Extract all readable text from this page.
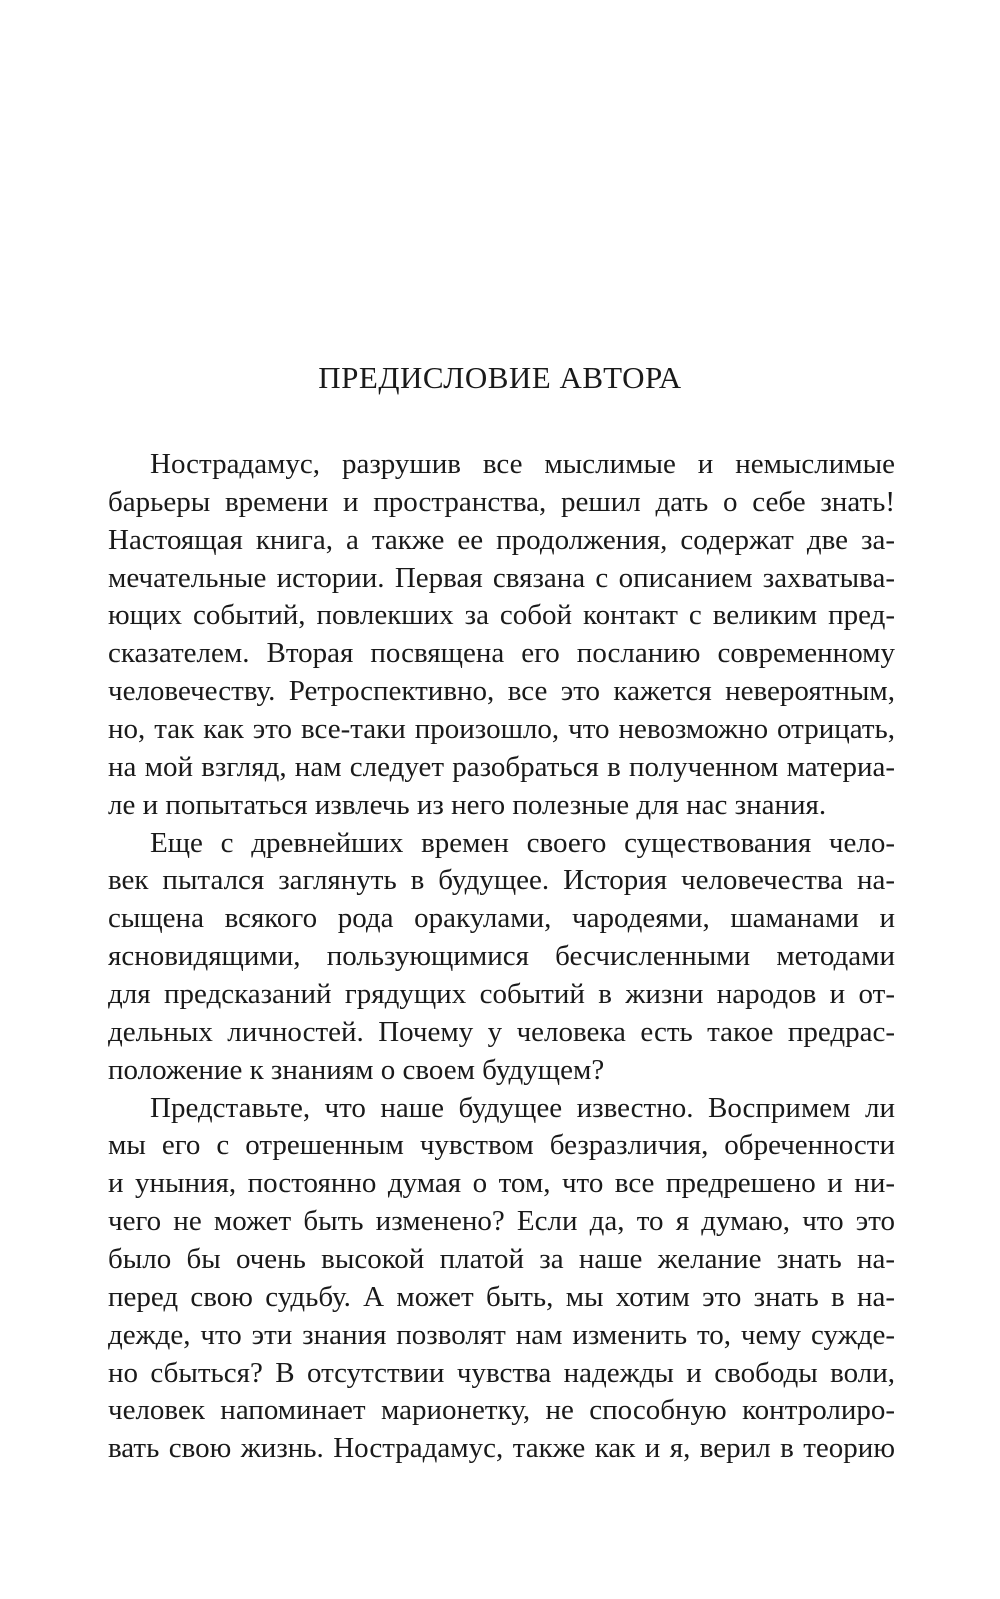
ПРЕДИСЛОВИЕ АВТОРА
Нострадамус, разрушив все мыслимые и немыслимые
барьеры времени и пространства, решил дать о себе знать!
Настоящая книга, а также ее продолжения, содержат две за-
мечательные истории. Первая связана с описанием захватыва-
ющих событий, повлекших за собой контакт с великим пред-
сказателем. Вторая посвящена его посланию современному
человечеству. Ретроспективно, все это кажется невероятным,
но, так как это все-таки произошло, что невозможно отрицать,
на мой взгляд, нам следует разобраться в полученном материа-
ле и попытаться извлечь из него полезные для нас знания.
Еще с древнейших времен своего существования чело-
век пытался заглянуть в будущее. История человечества на-
сыщена всякого рода оракулами, чародеями, шаманами и
ясновидящими, пользующимися бесчисленными методами
для предсказаний грядущих событий в жизни народов и от-
дельных личностей. Почему у человека есть такое предрас-
положение к знаниям о своем будущем?
Представьте, что наше будущее известно. Воспримем ли
мы его с отрешенным чувством безразличия, обреченности
и уныния, постоянно думая о том, что все предрешено и ни-
чего не может быть изменено? Если да, то я думаю, что это
было бы очень высокой платой за наше желание знать на-
перед свою судьбу. А может быть, мы хотим это знать в на-
дежде, что эти знания позволят нам изменить то, чему сужде-
но сбыться? В отсутствии чувства надежды и свободы воли,
человек напоминает марионетку, не способную контролиро-
вать свою жизнь. Нострадамус, также как и я, верил в теорию
